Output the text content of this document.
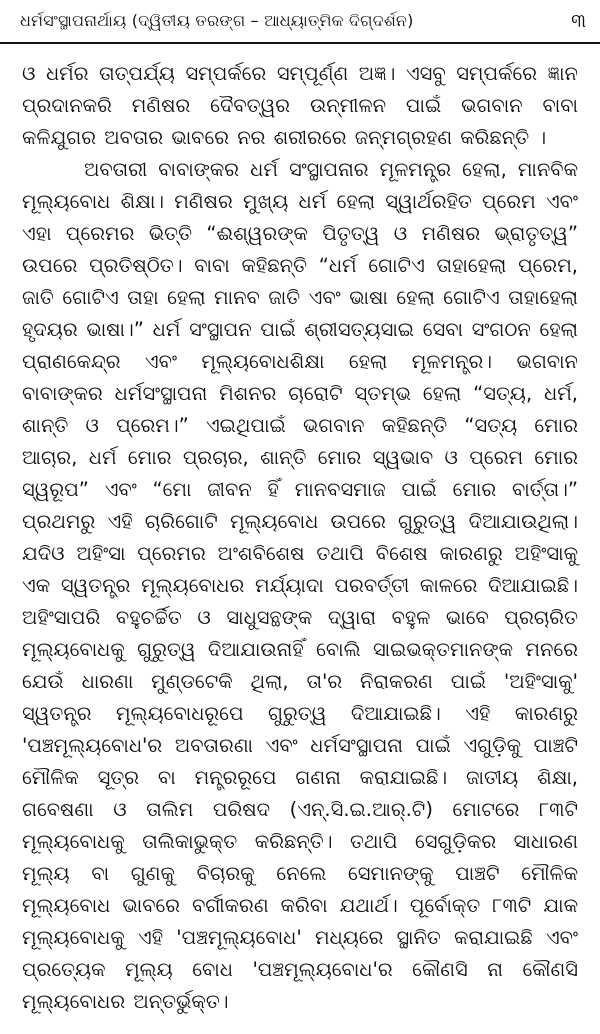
ଧର୍ମସଂସ୍ଥାପନାର୍ଥାୟ (ଦ୍ୱିତୀୟ ତରଙ୍ଗ – ଆଧ୍ୟାତ୍ମିକ ଦିଗ୍‌ଦର୍ଶନ)	୩

ଓ ଧର୍ମର ତାତ୍ପର୍ଯ୍ୟ ସମ୍ପର୍କରେ ସମ୍ପୂର୍ଣ୍ଣ ଅଜ୍ଞ। ଏସବୁ ସମ୍ପର୍କରେ ଜ୍ଞାନ ପ୍ରଦାନକରି ମଣିଷର ଦୈବତ୍ୱର ଉନ୍ମୀଳନ ପାଇଁ ଭଗବାନ ବାବା କଳିଯୁଗର ଅବତାର ଭାବରେ ନର ଶରୀରରେ ଜନ୍ମଗ୍ରହଣ କରିଛନ୍ତି ।

ଅବତାରୀ ବାବାଙ୍କର ଧର୍ମ ସଂସ୍ଥାପନାର ମୂଳମନ୍ତ୍ର ହେଲା, ମାନବିକ ମୂଲ୍ୟବୋଧ ଶିକ୍ଷା। ମଣିଷର ମୁଖ୍ୟ ଧର୍ମ ହେଲା ସ୍ୱାର୍ଥରହିତ ପ୍ରେମ ଏବଂ ଏହା ପ୍ରେମର ଭିତ୍ତି “ଈଶ୍ୱରଙ୍କ ପିତୃତ୍ୱ ଓ ମଣିଷର ଭ୍ରାତୃତ୍ୱ” ଉପରେ ପ୍ରତିଷ୍ଠିତ। ବାବା କହିଛନ୍ତି “ଧର୍ମ ଗୋଟିଏ ତାହାହେଲା ପ୍ରେମ, ଜାତି ଗୋଟିଏ ତାହା ହେଲା ମାନବ ଜାତି ଏବଂ ଭାଷା ହେଲା ଗୋଟିଏ ତାହାହେଲା ହୃଦୟର ଭାଷା।” ଧର୍ମ ସଂସ୍ଥାପନ ପାଇଁ ଶ୍ରୀସତ୍ୟସାଇ ସେବା ସଂଗଠନ ହେଲା ପ୍ରାଣକେନ୍ଦ୍ର ଏବଂ ମୂଲ୍ୟବୋଧଶିକ୍ଷା ହେଲା ମୂଳମନ୍ତ୍ର। ଭଗବାନ ବାବାଙ୍କର ଧର୍ମସଂସ୍ଥାପନା ମିଶନର ଚାରୋଟି ସ୍ତମ୍ଭ ହେଲା “ସତ୍ୟ, ଧର୍ମ, ଶାନ୍ତି ଓ ପ୍ରେମ।” ଏଇଥିପାଇଁ ଭଗବାନ କହିଛନ୍ତି “ସତ୍ୟ ମୋର ଆଚାର, ଧର୍ମ ମୋର ପ୍ରଚାର, ଶାନ୍ତି ମୋର ସ୍ୱଭାବ ଓ ପ୍ରେମ ମୋର ସ୍ୱରୂପ” ଏବଂ “ମୋ ଜୀବନ ହିଁ ମାନବସମାଜ ପାଇଁ ମୋର ବାର୍ତ୍ତା।” ପ୍ରଥମରୁ ଏହି ଚାରିଗୋଟି ମୂଲ୍ୟବୋଧ ଉପରେ ଗୁରୁତ୍ୱ ଦିଆଯାଉଥିଲା। ଯଦିଓ ଅହିଂସା ପ୍ରେମର ଅଂଶବିଶେଷ ତଥାପି ବିଶେଷ କାରଣରୁ ଅହିଂସାକୁ ଏକ ସ୍ୱତନ୍ତ୍ର ମୂଲ୍ୟବୋଧର ମର୍ଯ୍ୟାଦା ପରବର୍ତ୍ତୀ କାଳରେ ଦିଆଯାଇଛି। ଅହିଂସାପରି ବହୁଚର୍ଚ୍ଚିତ ଓ ସାଧୁସନ୍ଥଙ୍କ ଦ୍ୱାରା ବହୁଳ ଭାବେ ପ୍ରଚାରିତ ମୂଲ୍ୟବୋଧକୁ ଗୁରୁତ୍ୱ ଦିଆଯାଉନାହିଁ ବୋଲି ସାଇଭକ୍ତମାନଙ୍କ ମନରେ ଯେଉଁ ଧାରଣା ମୁଣ୍ଡଟେକି ଥିଲା, ତା'ର ନିରାକରଣ ପାଇଁ 'ଅହିଂସାକୁ' ସ୍ୱତନ୍ତ୍ର ମୂଲ୍ୟବୋଧରୂପେ ଗୁରୁତ୍ୱ ଦିଆଯାଇଛି। ଏହି କାରଣରୁ 'ପଞ୍ଚମୂଲ୍ୟବୋଧ'ର ଅବତାରଣା ଏବଂ ଧର୍ମସଂସ୍ଥାପନା ପାଇଁ ଏଗୁଡ଼ିକୁ ପାଞ୍ଚଟି ମୌଳିକ ସୂତ୍ର ବା ମନ୍ତ୍ରରୂପେ ଗଣନା କରାଯାଇଛି। ଜାତୀୟ ଶିକ୍ଷା, ଗବେଷଣା ଓ ତାଲିମ ପରିଷଦ (ଏନ୍.ସି.ଇ.ଆର୍.ଟି) ମୋଟରେ ୮୩ଟି ମୂଲ୍ୟବୋଧକୁ ତାଲିକାଭୁକ୍ତ କରିଛନ୍ତି। ତଥାପି ସେଗୁଡ଼ିକର ସାଧାରଣ ମୂଲ୍ୟ ବା ଗୁଣକୁ ବିଚାରକୁ ନେଲେ ସେମାନଙ୍କୁ ପାଞ୍ଚଟି ମୌଳିକ ମୂଲ୍ୟବୋଧ ଭାବରେ ବର୍ଗୀକରଣ କରିବା ଯଥାର୍ଥ। ପୂର୍ବୋକ୍ତ ୮୩ଟି ଯାକ ମୂଲ୍ୟବୋଧକୁ ଏହି 'ପଞ୍ଚମୂଲ୍ୟବୋଧ' ମଧ୍ୟରେ ସ୍ଥାନିତ କରାଯାଇଛି ଏବଂ ପ୍ରତ୍ୟେକ ମୂଲ୍ୟ ବୋଧ 'ପଞ୍ଚମୂଲ୍ୟବୋଧ'ର କୌଣସି ନା କୌଣସି ମୂଲ୍ୟବୋଧର ଅନ୍ତର୍ଭୁକ୍ତ।
